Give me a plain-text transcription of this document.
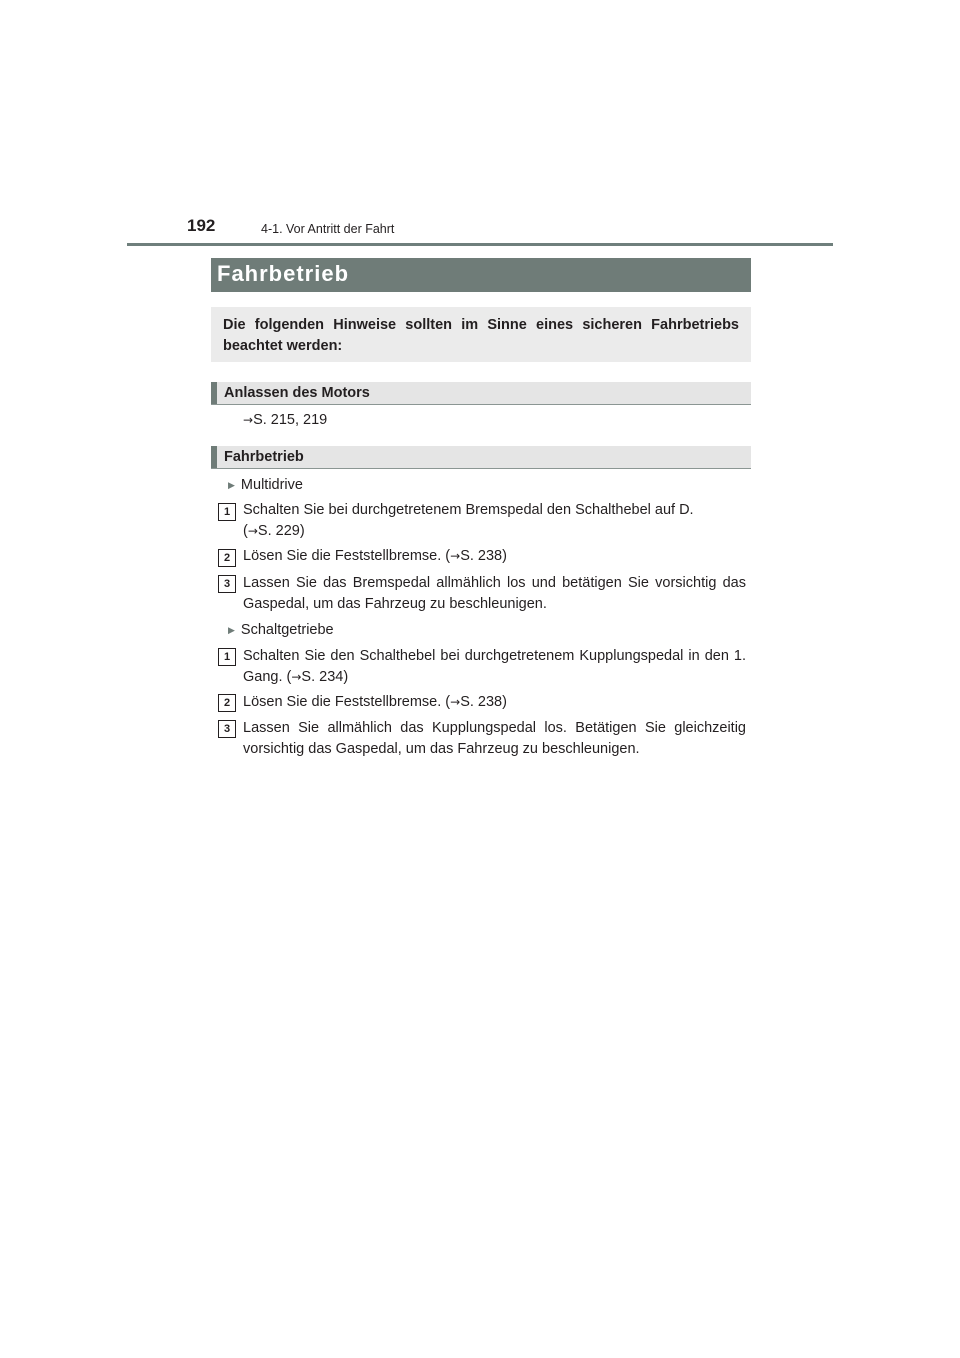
192	4-1. Vor Antritt der Fahrt
Fahrbetrieb
Die folgenden Hinweise sollten im Sinne eines sicheren Fahrbetriebs beachtet werden:
Anlassen des Motors
→S. 215, 219
Fahrbetrieb
▶ Multidrive
1 Schalten Sie bei durchgetretenem Bremspedal den Schalthebel auf D.
(→S. 229)
2 Lösen Sie die Feststellbremse. (→S. 238)
3 Lassen Sie das Bremspedal allmählich los und betätigen Sie vorsichtig das Gaspedal, um das Fahrzeug zu beschleunigen.
▶ Schaltgetriebe
1 Schalten Sie den Schalthebel bei durchgetretenem Kupplungspedal in den 1. Gang. (→S. 234)
2 Lösen Sie die Feststellbremse. (→S. 238)
3 Lassen Sie allmählich das Kupplungspedal los. Betätigen Sie gleichzeitig vorsichtig das Gaspedal, um das Fahrzeug zu beschleunigen.
